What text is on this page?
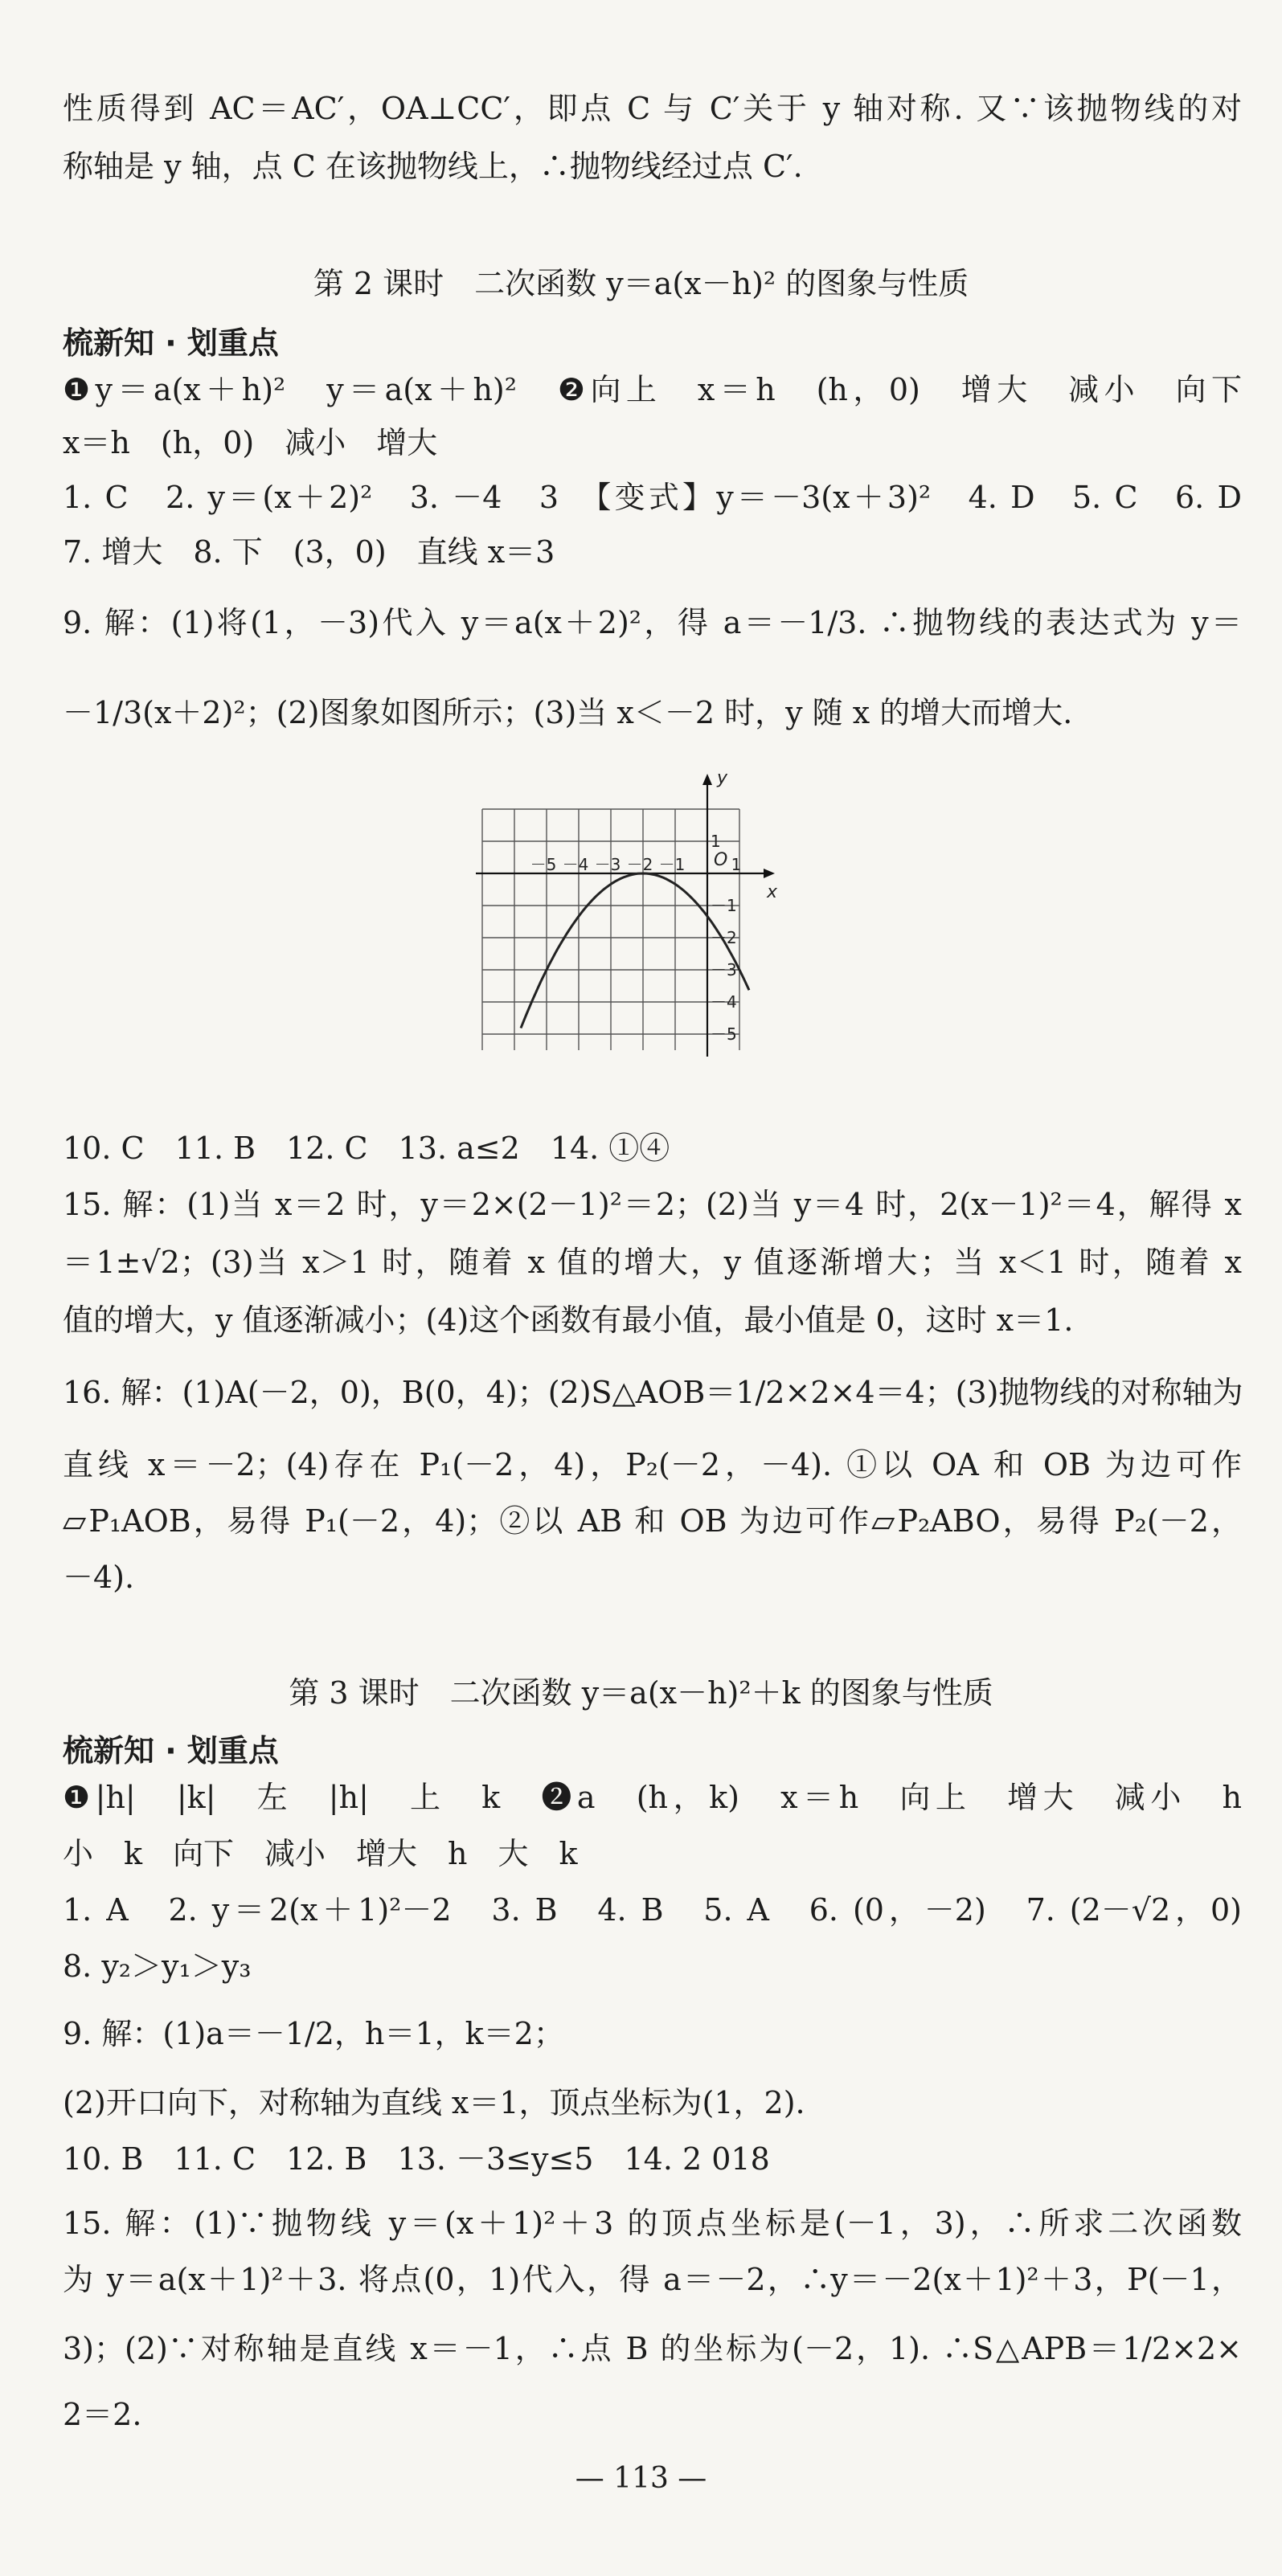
性质得到 AC＝AC′，OA⊥CC′，即点 C 与 C′关于 y 轴对称. 又∵该抛物线的对
称轴是 y 轴，点 C 在该抛物线上，∴抛物线经过点 C′.
第 2 课时　二次函数 y＝a(x－h)² 的图象与性质
梳新知 · 划重点
❶y＝a(x＋h)²　y＝a(x＋h)²　❷向上　x＝h　(h，0)　增大　减小　向下
x＝h　(h，0)　减小　增大
1. C　2. y＝(x＋2)²　3. －4　3　【变式】y＝－3(x＋3)²　4. D　5. C　6. D
7. 增大　8. 下　(3，0)　直线 x＝3
9. 解：(1)将(1，－3)代入 y＝a(x＋2)²，得 a＝－1/3. ∴抛物线的表达式为 y＝
－1/3(x＋2)²；(2)图象如图所示；(3)当 x＜－2 时，y 随 x 的增大而增大.
－5 －4 －3 －2 －1	1
1
－1
－2
－3
－4
－5
x
y
O
10. C　11. B　12. C　13. a≤2　14. ①④
15. 解：(1)当 x＝2 时，y＝2×(2－1)²＝2；(2)当 y＝4 时，2(x－1)²＝4，解得 x
＝1±√2；(3)当 x＞1 时，随着 x 值的增大，y 值逐渐增大；当 x＜1 时，随着 x
值的增大，y 值逐渐减小；(4)这个函数有最小值，最小值是 0，这时 x＝1.
16. 解：(1)A(－2，0)，B(0，4)；(2)S△AOB＝1/2×2×4＝4；(3)抛物线的对称轴为
直线 x＝－2；(4)存在 P₁(－2，4)，P₂(－2，－4). ①以 OA 和 OB 为边可作
▱P₁AOB，易得 P₁(－2，4)；②以 AB 和 OB 为边可作▱P₂ABO，易得 P₂(－2，
－4).
第 3 课时　二次函数 y＝a(x－h)²＋k 的图象与性质
梳新知 · 划重点
❶|h|　|k|　左　|h|　上　k　❷a　(h，k)　x＝h　向上　增大　减小　h
小　k　向下　减小　增大　h　大　k
1. A　2. y＝2(x＋1)²－2　3. B　4. B　5. A　6. (0，－2)　7. (2－√2，0)
8. y₂＞y₁＞y₃
9. 解：(1)a＝－1/2，h＝1，k＝2；
(2)开口向下，对称轴为直线 x＝1，顶点坐标为(1，2).
10. B　11. C　12. B　13. －3≤y≤5　14. 2 018
15. 解：(1)∵抛物线 y＝(x＋1)²＋3 的顶点坐标是(－1，3)，∴所求二次函数
为 y＝a(x＋1)²＋3. 将点(0，1)代入，得 a＝－2，∴y＝－2(x＋1)²＋3，P(－1，
3)；(2)∵对称轴是直线 x＝－1，∴点 B 的坐标为(－2，1). ∴S△APB＝1/2×2×
2＝2.
— 113 —
